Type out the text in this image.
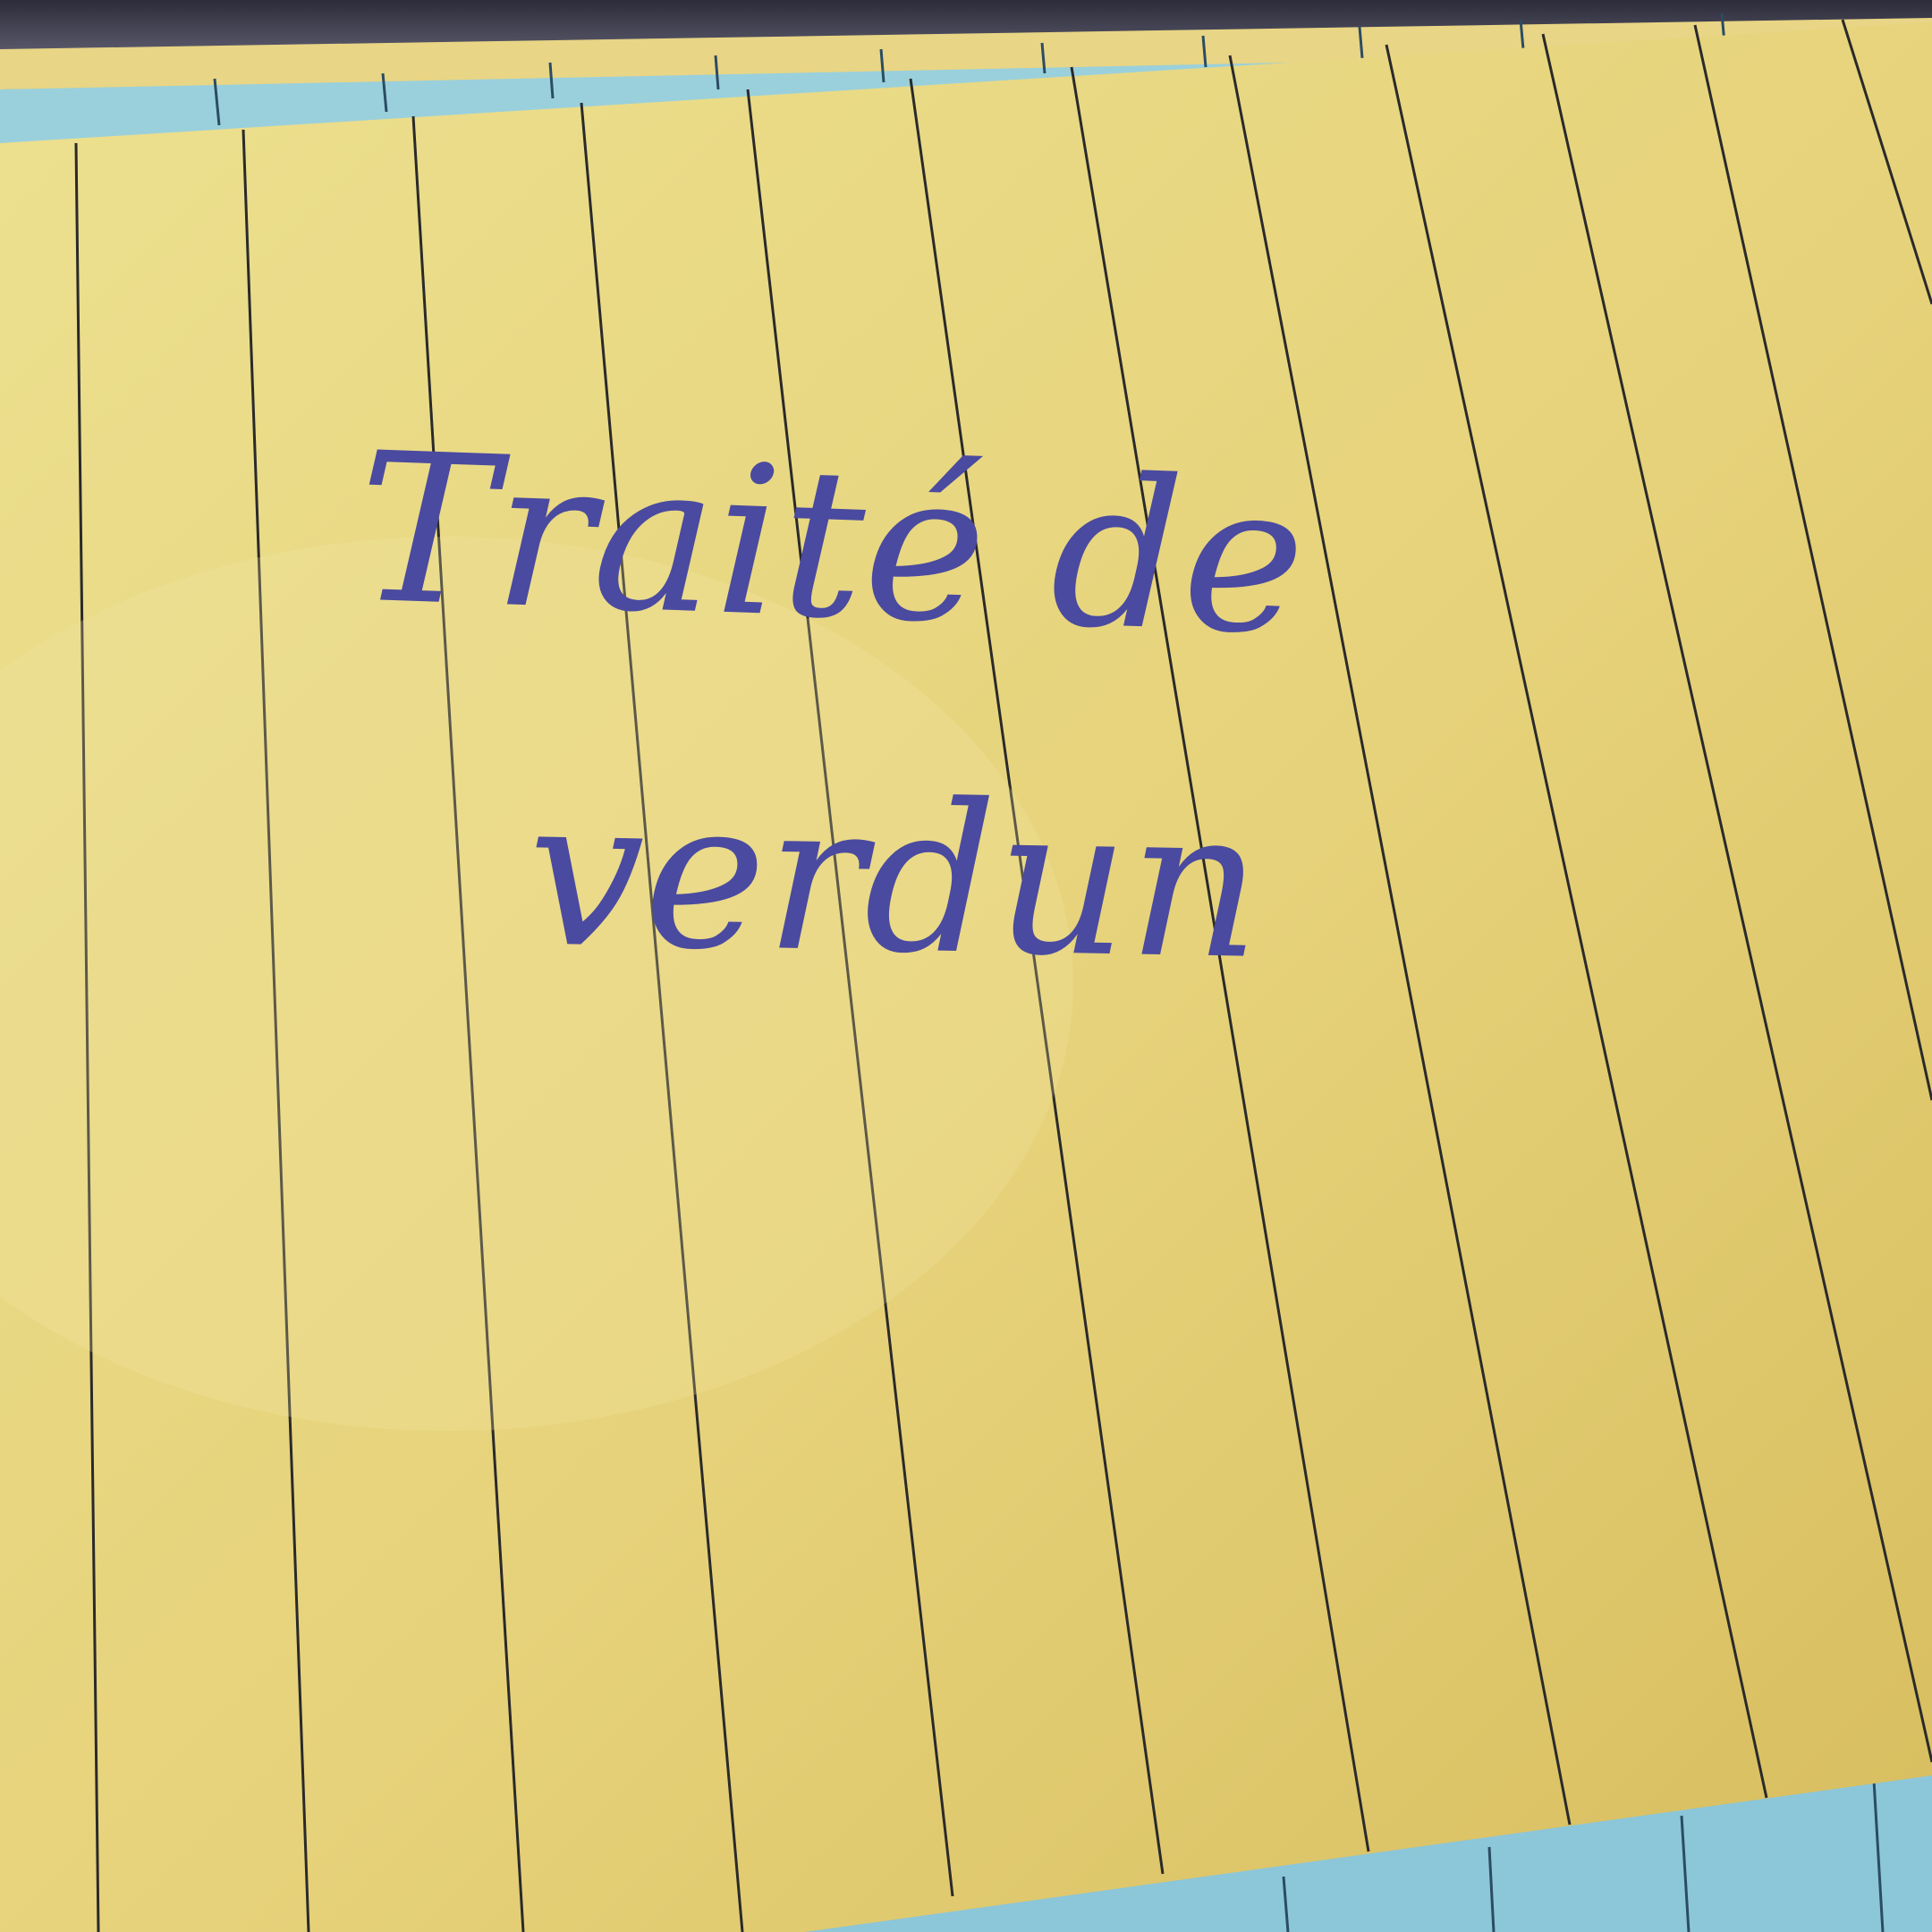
Traité de
verdun
